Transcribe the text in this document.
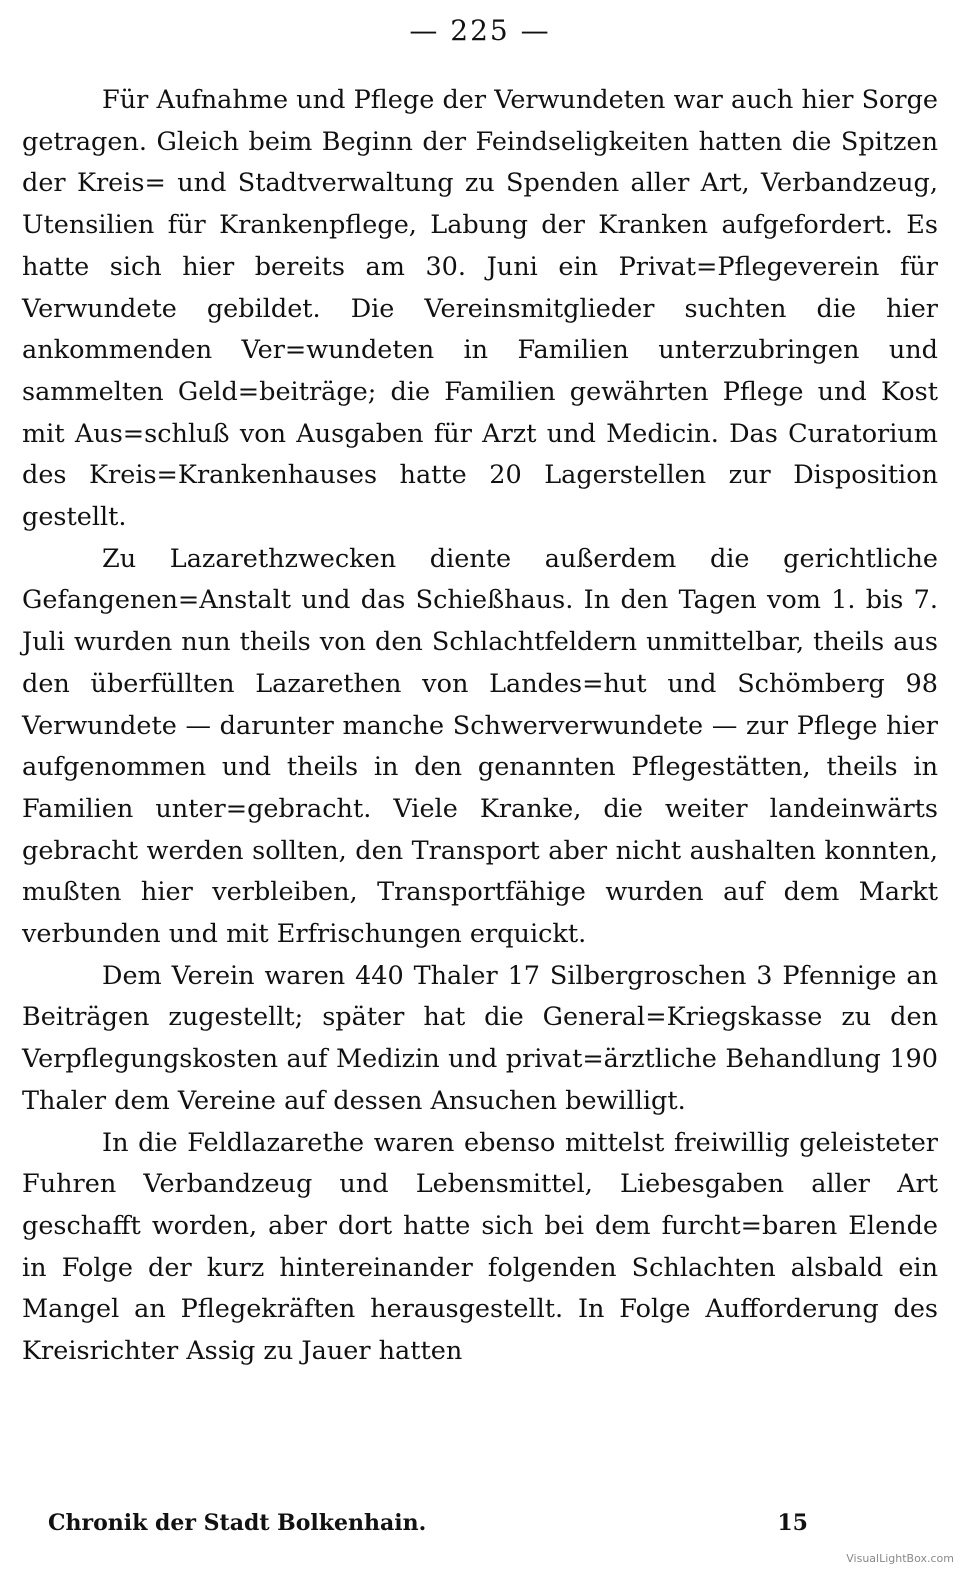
— 225 —

Für Aufnahme und Pflege der Verwundeten war auch hier Sorge getragen. Gleich beim Beginn der Feindseligkeiten hatten die Spitzen der Kreis= und Stadtverwaltung zu Spenden aller Art, Verbandzeug, Utensilien für Krankenpflege, Labung der Kranken aufgefordert. Es hatte sich hier bereits am 30. Juni ein Privat=Pflegeverein für Verwundete gebildet. Die Vereinsmitglieder suchten die hier ankommenden Ver=wundeten in Familien unterzubringen und sammelten Geld=beiträge; die Familien gewährten Pflege und Kost mit Aus=schluß von Ausgaben für Arzt und Medicin. Das Curatorium des Kreis=Krankenhauses hatte 20 Lagerstellen zur Disposition gestellt.

Zu Lazarethzwecken diente außerdem die gerichtliche Gefangenen=Anstalt und das Schießhaus. In den Tagen vom 1. bis 7. Juli wurden nun theils von den Schlachtfeldern unmittelbar, theils aus den überfüllten Lazarethen von Landes=hut und Schömberg 98 Verwundete — darunter manche Schwerverwundete — zur Pflege hier aufgenommen und theils in den genannten Pflegestätten, theils in Familien unter=gebracht. Viele Kranke, die weiter landeinwärts gebracht werden sollten, den Transport aber nicht aushalten konnten, mußten hier verbleiben, Transportfähige wurden auf dem Markt verbunden und mit Erfrischungen erquickt.

Dem Verein waren 440 Thaler 17 Silbergroschen 3 Pfennige an Beiträgen zugestellt; später hat die General=Kriegskasse zu den Verpflegungskosten auf Medizin und privat=ärztliche Behandlung 190 Thaler dem Vereine auf dessen Ansuchen bewilligt.

In die Feldlazarethe waren ebenso mittelst freiwillig geleisteter Fuhren Verbandzeug und Lebensmittel, Liebesgaben aller Art geschafft worden, aber dort hatte sich bei dem furcht=baren Elende in Folge der kurz hintereinander folgenden Schlachten alsbald ein Mangel an Pflegekräften herausgestellt. In Folge Aufforderung des Kreisrichter Assig zu Jauer hatten

Chronik der Stadt Bolkenhain.	15
VisualLightBox.com
